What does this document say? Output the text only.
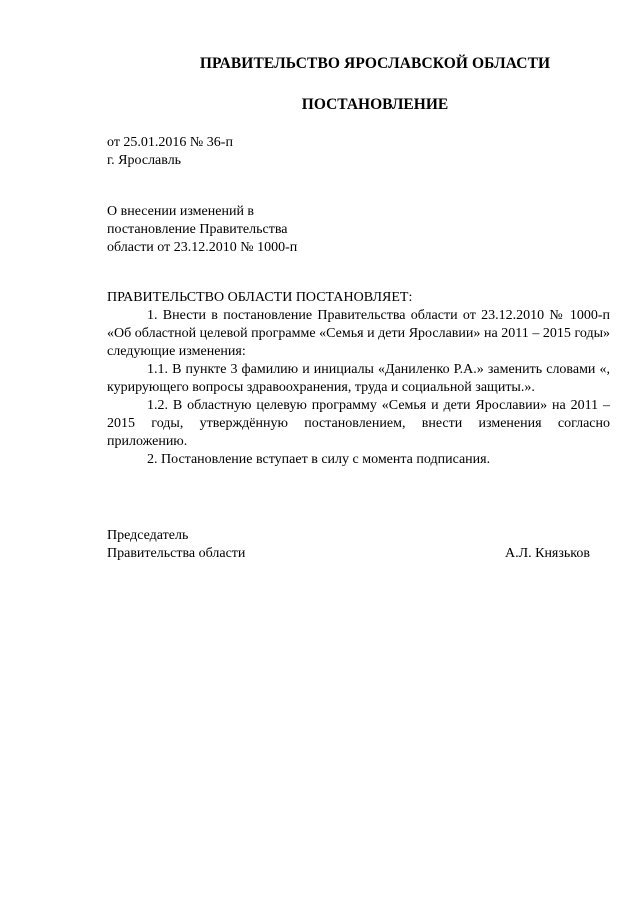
ПРАВИТЕЛЬСТВО ЯРОСЛАВСКОЙ ОБЛАСТИ
ПОСТАНОВЛЕНИЕ
от 25.01.2016 № 36-п
г. Ярославль
О внесении изменений в
постановление Правительства
области от 23.12.2010 № 1000-п
ПРАВИТЕЛЬСТВО ОБЛАСТИ ПОСТАНОВЛЯЕТ:

1. Внести в постановление Правительства области от 23.12.2010 № 1000-п «Об областной целевой программе «Семья и дети Ярославии» на 2011 – 2015 годы» следующие изменения:

1.1. В пункте 3 фамилию и инициалы «Даниленко Р.А.» заменить словами «, курирующего вопросы здравоохранения, труда и социальной защиты.».

1.2. В областную целевую программу «Семья и дети Ярославии» на 2011 – 2015 годы, утверждённую постановлением, внести изменения согласно приложению.

2. Постановление вступает в силу с момента подписания.

Председатель
Правительства области	А.Л. Князьков
